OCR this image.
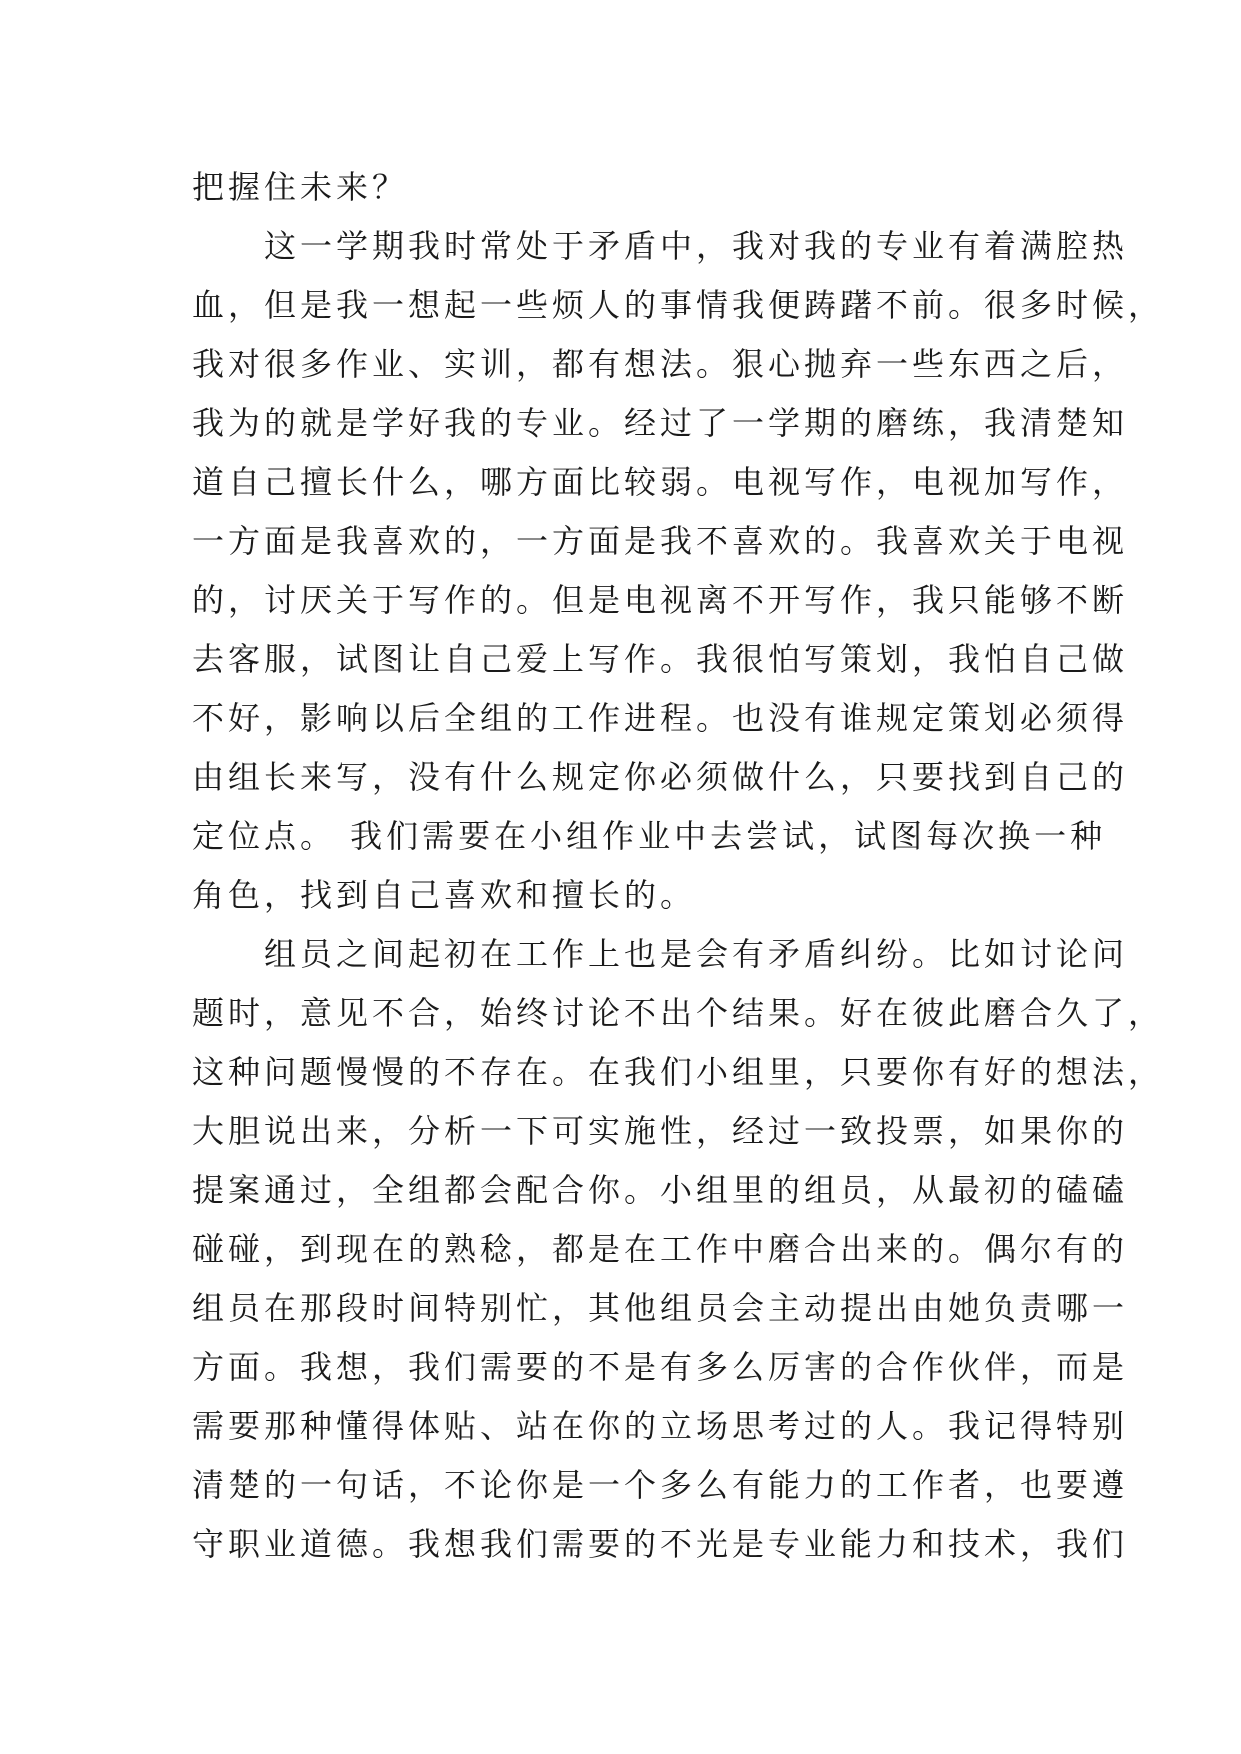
把握住未来？
这一学期我时常处于矛盾中，我对我的专业有着满腔热
血，但是我一想起一些烦人的事情我便踌躇不前。很多时候，
我对很多作业、实训，都有想法。狠心抛弃一些东西之后，
我为的就是学好我的专业。经过了一学期的磨练，我清楚知
道自己擅长什么，哪方面比较弱。电视写作，电视加写作，
一方面是我喜欢的，一方面是我不喜欢的。我喜欢关于电视
的，讨厌关于写作的。但是电视离不开写作，我只能够不断
去客服，试图让自己爱上写作。我很怕写策划，我怕自己做
不好，影响以后全组的工作进程。也没有谁规定策划必须得
由组长来写，没有什么规定你必须做什么，只要找到自己的
定位点。 我们需要在小组作业中去尝试，试图每次换一种
角色，找到自己喜欢和擅长的。
组员之间起初在工作上也是会有矛盾纠纷。比如讨论问
题时，意见不合，始终讨论不出个结果。好在彼此磨合久了，
这种问题慢慢的不存在。在我们小组里，只要你有好的想法，
大胆说出来，分析一下可实施性，经过一致投票，如果你的
提案通过，全组都会配合你。小组里的组员，从最初的磕磕
碰碰，到现在的熟稔，都是在工作中磨合出来的。偶尔有的
组员在那段时间特别忙，其他组员会主动提出由她负责哪一
方面。我想，我们需要的不是有多么厉害的合作伙伴，而是
需要那种懂得体贴、站在你的立场思考过的人。我记得特别
清楚的一句话，不论你是一个多么有能力的工作者，也要遵
守职业道德。我想我们需要的不光是专业能力和技术，我们
